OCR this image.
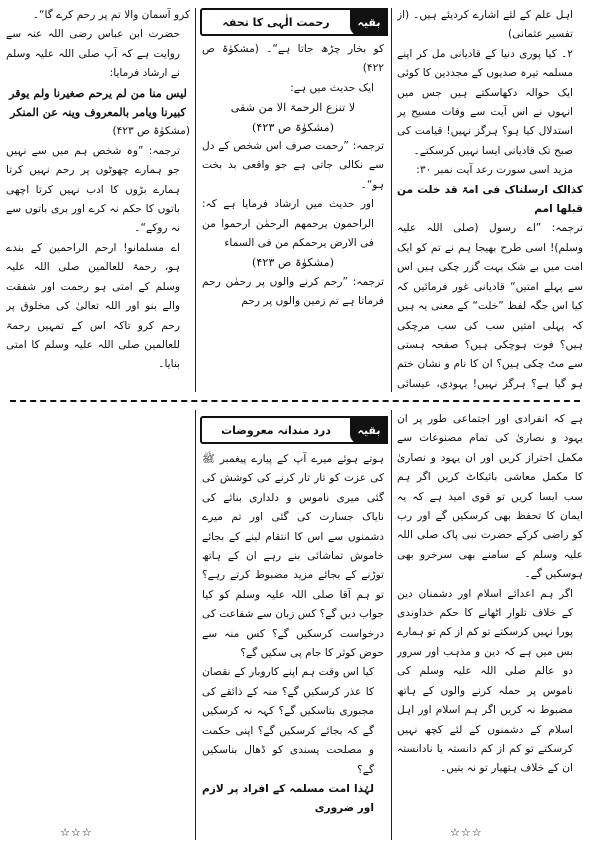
اہل علم کے لئے اشارے کردیئے ہیں۔ (از تفسیر عثمانی)

۲۔ کیا پوری دنیا کے قادیانی مل کر اپنے مسلمہ تیرہ صدیوں کے مجددین کا کوئی ایک حوالہ دکھاسکتے ہیں جس میں انہوں نے اس آیت سے وفات مسیح پر استدلال کیا ہو؟ ہرگز نہیں! قیامت کی صبح تک قادیانی ایسا نہیں کرسکتے۔

مزید اسی سورت رعد آیت نمبر ۳۰:

کذالک ارسلناک فی امۃ قد خلت من قبلھا امم

ترجمہ: ”اے رسول (صلی اللہ علیہ وسلم)! اسی طرح بھیجا ہم نے تم کو ایک امت میں بے شک بہت گزر چکی ہیں اس سے پہلے امتیں“ قادیانی غور فرمائیں کہ کیا اس جگہ لفظ ”خلت“ کے معنی یہ ہیں کہ پہلی امتیں سب کی سب مرچکی ہیں؟ فوت ہوچکی ہیں؟ صفحہ ہستی سے مٹ چکی ہیں؟ ان کا نام و نشان ختم ہو گیا ہے؟ ہرگز نہیں! یہودی، عیسائی

بقیہ
رحمت الٰہی کا تحفہ

کو بخار چڑھ جاتا ہے“۔ (مشکوٰۃ ص ۴۲۲)

ایک حدیث میں ہے:

لا تنزع الرحمۃ الا من شقی

(مشکوٰۃ ص ۴۲۳)

ترجمہ: ”رحمت صرف اس شخص کے دل سے نکالی جاتی ہے جو واقعی بد بخت ہو“۔

اور حدیث میں ارشاد فرمایا ہے کہ: الراحمون یرحمھم الرحمٰن ارحموا من فی الارض یرحمکم من فی السماء

(مشکوٰۃ ص ۴۲۳)

ترجمہ: ”رحم کرنے والوں پر رحمٰن رحم فرماتا ہے تم زمین والوں پر رحم

کرو آسمان والا تم پر رحم کرے گا“۔

حضرت ابن عباس رضی اللہ عنہ سے روایت ہے کہ آپ صلی اللہ علیہ وسلم نے ارشاد فرمایا:

لیس منا من لم یرحم صغیرنا ولم یوقر کبیرنا ویامر بالمعروف وینہ عن المنکر

(مشکوٰۃ ص ۴۲۳)

ترجمہ: ”وہ شخص ہم میں سے نہیں جو ہمارے چھوٹوں پر رحم نہیں کرتا ہمارے بڑوں کا ادب نہیں کرتا اچھی باتوں کا حکم نہ کرے اور بری باتوں سے نہ روکے“۔

اے مسلمانو! ارحم الراحمین کے بندے ہو، رحمۃ للعالمین صلی اللہ علیہ وسلم کے امتی ہو رحمت اور شفقت والے بنو اور اللہ تعالیٰ کی مخلوق پر رحم کرو تاکہ اس کے تمہیں رحمۃ للعالمین صلی اللہ علیہ وسلم کا امتی بنایا۔

ہے کہ انفرادی اور اجتماعی طور پر ان یہود و نصاریٰ کی تمام مصنوعات سے مکمل احتراز کریں اور ان یہود و نصاریٰ کا مکمل معاشی بائیکاٹ کریں اگر ہم سب ایسا کریں تو قوی امید ہے کہ یہ ایمان کا تحفظ بھی کرسکیں گے اور رب کو راضی کرکے حضرت نبی پاک صلی اللہ علیہ وسلم کے سامنے بھی سرخرو بھی ہوسکیں گے۔

اگر ہم اعدائے اسلام اور دشمنان دین کے خلاف تلوار اٹھانے کا حکم خداوندی پورا نہیں کرسکتے تو کم از کم تو ہمارے بس میں ہے کہ دین و مذہب اور سرور دو عالم صلی اللہ علیہ وسلم کی ناموس پر حملہ کرنے والوں کے ہاتھ مضبوط نہ کریں اگر ہم اسلام اور اہل اسلام کے دشمنوں کے لئے کچھ نہیں کرسکتے تو کم از کم دانستہ یا نادانستہ ان کے خلاف ہتھیار تو نہ بنیں۔

بقیہ
درد مندانہ معروضات

ہوتے ہوئے میرے آپ کے پیارے پیغمبر ﷺ کی عزت کو تار تار کرنے کی کوشش کی گئی میری ناموس و دلداری بنائے کی نایاک جسارت کی گئی اور تم میرے دشمنوں سے اس کا انتقام لینے کے بجائے خاموش تماشائی بنے رہے ان کے ہاتھ توڑنے کے بجائے مزید مضبوط کرتے رہے؟ تو ہم آقا صلی اللہ علیہ وسلم کو کیا جواب دیں گے؟ کس زبان سے شفاعت کی درخواست کرسکیں گے؟ کس منہ سے حوض کوثر کا جام پی سکیں گے؟

کیا اس وقت ہم اپنے کاروبار کے نقصان کا عذر کرسکیں گے؟ منہ کے ذائقے کی مجبوری بتاسکیں گے؟ کہہ نہ کرسکیں گے کہ بجائے کرسکیں گے؟ اپنی حکمت و مصلحت پسندی کو ڈھال بناسکیں گے؟

لہٰذا امت مسلمہ کے افراد پر لازم اور ضروری

☆☆☆	☆☆☆
